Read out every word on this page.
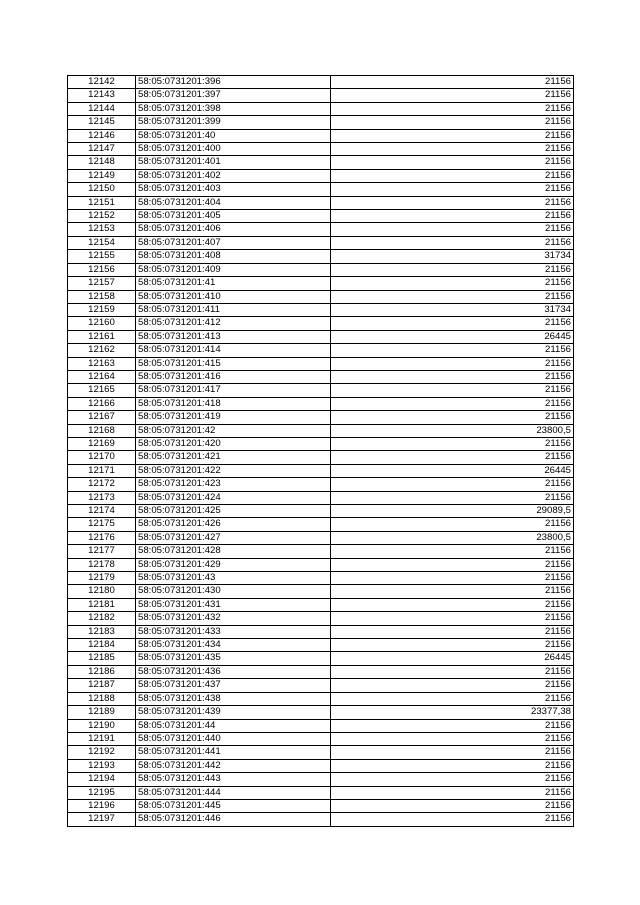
12142	58:05:0731201:396	21156
12143	58:05:0731201:397	21156
12144	58:05:0731201:398	21156
12145	58:05:0731201:399	21156
12146	58:05:0731201:40	21156
12147	58:05:0731201:400	21156
12148	58:05:0731201:401	21156
12149	58:05:0731201:402	21156
12150	58:05:0731201:403	21156
12151	58:05:0731201:404	21156
12152	58:05:0731201:405	21156
12153	58:05:0731201:406	21156
12154	58:05:0731201:407	21156
12155	58:05:0731201:408	31734
12156	58:05:0731201:409	21156
12157	58:05:0731201:41	21156
12158	58:05:0731201:410	21156
12159	58:05:0731201:411	31734
12160	58:05:0731201:412	21156
12161	58:05:0731201:413	26445
12162	58:05:0731201:414	21156
12163	58:05:0731201:415	21156
12164	58:05:0731201:416	21156
12165	58:05:0731201:417	21156
12166	58:05:0731201:418	21156
12167	58:05:0731201:419	21156
12168	58:05:0731201:42	23800,5
12169	58:05:0731201:420	21156
12170	58:05:0731201:421	21156
12171	58:05:0731201:422	26445
12172	58:05:0731201:423	21156
12173	58:05:0731201:424	21156
12174	58:05:0731201:425	29089,5
12175	58:05:0731201:426	21156
12176	58:05:0731201:427	23800,5
12177	58:05:0731201:428	21156
12178	58:05:0731201:429	21156
12179	58:05:0731201:43	21156
12180	58:05:0731201:430	21156
12181	58:05:0731201:431	21156
12182	58:05:0731201:432	21156
12183	58:05:0731201:433	21156
12184	58:05:0731201:434	21156
12185	58:05:0731201:435	26445
12186	58:05:0731201:436	21156
12187	58:05:0731201:437	21156
12188	58:05:0731201:438	21156
12189	58:05:0731201:439	23377,38
12190	58:05:0731201:44	21156
12191	58:05:0731201:440	21156
12192	58:05:0731201:441	21156
12193	58:05:0731201:442	21156
12194	58:05:0731201:443	21156
12195	58:05:0731201:444	21156
12196	58:05:0731201:445	21156
12197	58:05:0731201:446	21156
